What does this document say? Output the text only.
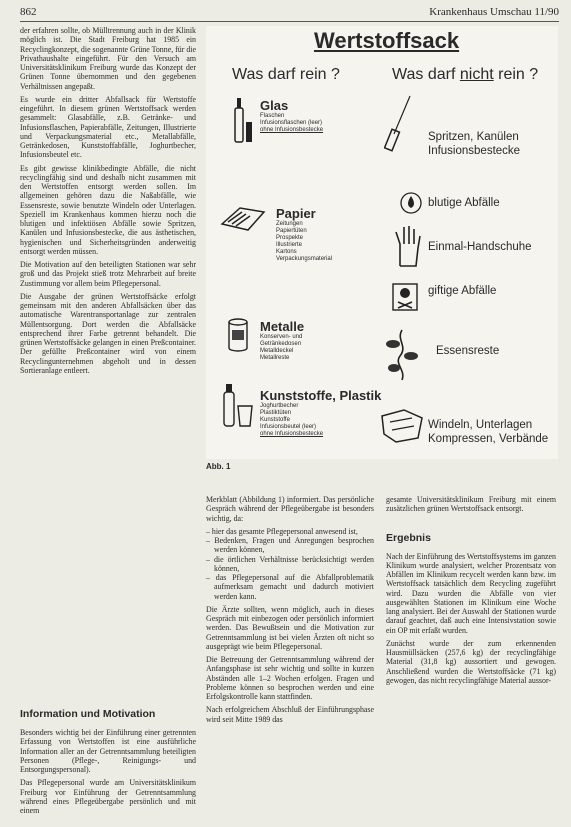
862	Krankenhaus Umschau 11/90

der erfahren sollte, ob Mülltrennung auch in der Klinik möglich ist. Die Stadt Freiburg hat 1985 ein Recyclingkonzept, die sogenannte Grüne Tonne, für die Privathaushalte eingeführt. Für den Versuch am Universitätsklinikum Freiburg wurde das Konzept der Grünen Tonne übernommen und den gegebenen Verhältnissen angepaßt.

Es wurde ein dritter Abfallsack für Wertstoffe eingeführt. In diesem grünen Wertstoffsack werden gesammelt: Glasabfälle, z.B. Getränke- und Infusionsflaschen, Papierabfälle, Zeitungen, Illustrierte und Verpackungsmaterial etc., Metallabfälle, Getränkedosen, Kunststoffabfälle, Joghurtbecher, Infusionsbeutel etc.

Es gibt gewisse klinikbedingte Abfälle, die nicht recyclingfähig sind und deshalb nicht zusammen mit den Wertstoffen entsorgt werden sollen. Im allgemeinen gehören dazu die Naßabfälle, wie Essensreste, sowie benutzte Windeln oder Unterlagen. Speziell im Krankenhaus kommen hierzu noch die blutigen und infektiösen Abfälle sowie Spritzen, Kanülen und Infusionsbestecke, die aus ästhetischen, hygienischen und Sicherheitsgründen anderweitig entsorgt werden müssen.

Die Motivation auf den beteiligten Stationen war sehr groß und das Projekt stieß trotz Mehrarbeit auf breite Zustimmung vor allem beim Pflegepersonal.

Die Ausgabe der grünen Wertstoffsäcke erfolgt gemeinsam mit den anderen Abfallsäcken über das automatische Warentransportanlage zur zentralen Müllentsorgung. Dort werden die Abfallsäcke entsprechend ihrer Farbe getrennt behandelt. Die grünen Wertstoffsäcke gelangen in einen Preßcontainer. Der gefüllte Preßcontainer wird von einem Recyclingunternehmen abgeholt und in dessen Sortieranlage entleert.

Information und Motivation

Besonders wichtig bei der Einführung einer getrennten Erfassung von Wertstoffen ist eine ausführliche Information aller an der Getrenntsammlung beteiligten Personen (Pflege-, Reinigungs- und Entsorgungspersonal).

Das Pflegepersonal wurde am Universitätsklinikum Freiburg vor Einführung der Getrenntsammlung während eines Pflegeübergabe persönlich und mit einem

Wertstoffsack
Was darf rein ?	Was darf nicht rein ?
Glas
Flaschen
Infusionsflaschen (leer)
ohne Infusionsbestecke
Papier
Zeitungen
Papiertüten
Prospekte
Illustrierte
Kartons
Verpackungsmaterial
Metalle
Konserven- und
Getränkedosen
Metalldeckel
Metallreste
Kunststoffe, Plastik
Joghurtbecher
Plastiktüten
Kunststoffe
Infusionsbeutel (leer)
ohne Infusionsbestecke
Spritzen, Kanülen
Infusionsbestecke
blutige Abfälle
Einmal-Handschuhe
giftige Abfälle
Essensreste
Windeln, Unterlagen
Kompressen, Verbände
Abb. 1

Merkblatt (Abbildung 1) informiert. Das persönliche Gespräch während der Pflegeübergabe ist besonders wichtig, da:

– hier das gesamte Pflegepersonal anwesend ist,
– Bedenken, Fragen und Anregungen besprochen werden können,
– die örtlichen Verhältnisse berücksichtigt werden können,
– das Pflegepersonal auf die Abfallproblematik aufmerksam gemacht und dadurch motiviert werden kann.

Die Ärzte sollten, wenn möglich, auch in dieses Gespräch mit einbezogen oder persönlich informiert werden. Das Bewußtsein und die Motivation zur Getrenntsammlung ist bei vielen Ärzten oft nicht so ausgeprägt wie beim Pflegepersonal.

Die Betreuung der Getrenntsammlung während der Anfangsphase ist sehr wichtig und sollte in kurzen Abständen alle 1–2 Wochen erfolgen. Fragen und Probleme können so besprochen werden und eine Erfolgskontrolle kann stattfinden.

Nach erfolgreichem Abschluß der Einführungsphase wird seit Mitte 1989 das

gesamte Universitätsklinikum Freiburg mit einem zusätzlichen grünen Wertstoffsack entsorgt.

Ergebnis

Nach der Einführung des Wertstoffsystems im ganzen Klinikum wurde analysiert, welcher Prozentsatz von Abfällen im Klinikum recycelt werden kann bzw. im Wertstoffsack tatsächlich dem Recycling zugeführt wird. Dazu wurden die Abfälle von vier ausgewählten Stationen im Klinikum eine Woche lang analysiert. Bei der Auswahl der Stationen wurde darauf geachtet, daß auch eine Intensivstation sowie ein OP mit erfaßt wurden.

Zunächst wurde der zum erkennenden Hausmüllsäcken (257,6 kg) der recyclingfähige Material (31,8 kg) aussortiert und gewogen. Anschließend wurden die Wertstoffsäcke (71 kg) gewogen, das nicht recyclingfähige Material aussor-
